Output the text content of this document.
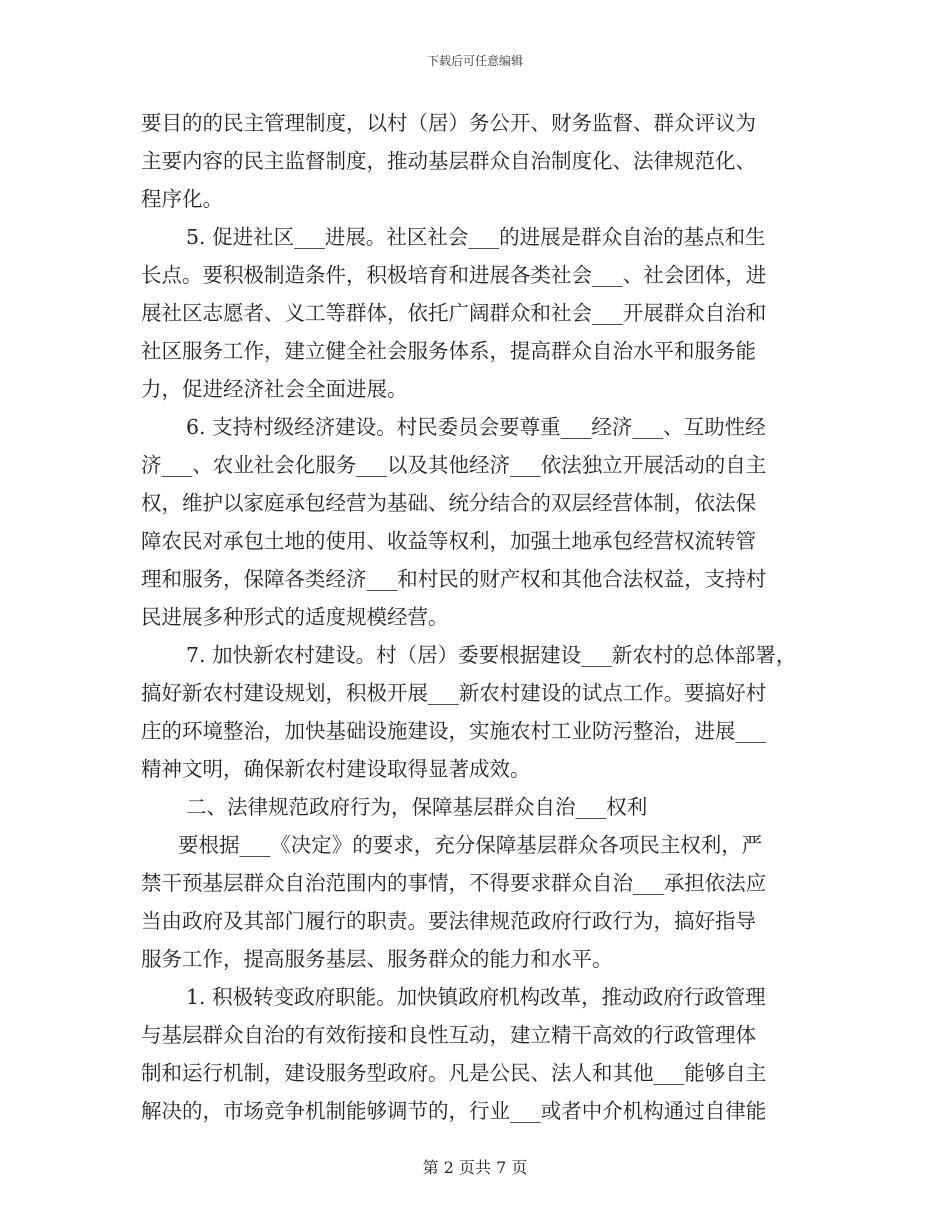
下载后可任意编辑
要目的的民主管理制度，以村（居）务公开、财务监督、群众评议为
主要内容的民主监督制度，推动基层群众自治制度化、法律规范化、
程序化。
5. 促进社区___进展。社区社会___的进展是群众自治的基点和生
长点。要积极制造条件，积极培育和进展各类社会___、社会团体，进
展社区志愿者、义工等群体，依托广阔群众和社会___开展群众自治和
社区服务工作，建立健全社会服务体系，提高群众自治水平和服务能
力，促进经济社会全面进展。
6. 支持村级经济建设。村民委员会要尊重___经济___、互助性经
济___、农业社会化服务___以及其他经济___依法独立开展活动的自主
权，维护以家庭承包经营为基础、统分结合的双层经营体制，依法保
障农民对承包土地的使用、收益等权利，加强土地承包经营权流转管
理和服务，保障各类经济___和村民的财产权和其他合法权益，支持村
民进展多种形式的适度规模经营。
7. 加快新农村建设。村（居）委要根据建设___新农村的总体部署，
搞好新农村建设规划，积极开展___新农村建设的试点工作。要搞好村
庄的环境整治，加快基础设施建设，实施农村工业防污整治，进展___
精神文明，确保新农村建设取得显著成效。
二、法律规范政府行为，保障基层群众自治___权利
要根据___《决定》的要求，充分保障基层群众各项民主权利，严
禁干预基层群众自治范围内的事情，不得要求群众自治___承担依法应
当由政府及其部门履行的职责。要法律规范政府行政行为，搞好指导
服务工作，提高服务基层、服务群众的能力和水平。
1. 积极转变政府职能。加快镇政府机构改革，推动政府行政管理
与基层群众自治的有效衔接和良性互动，建立精干高效的行政管理体
制和运行机制，建设服务型政府。凡是公民、法人和其他___能够自主
解决的，市场竞争机制能够调节的，行业___或者中介机构通过自律能
第 2 页共 7 页
